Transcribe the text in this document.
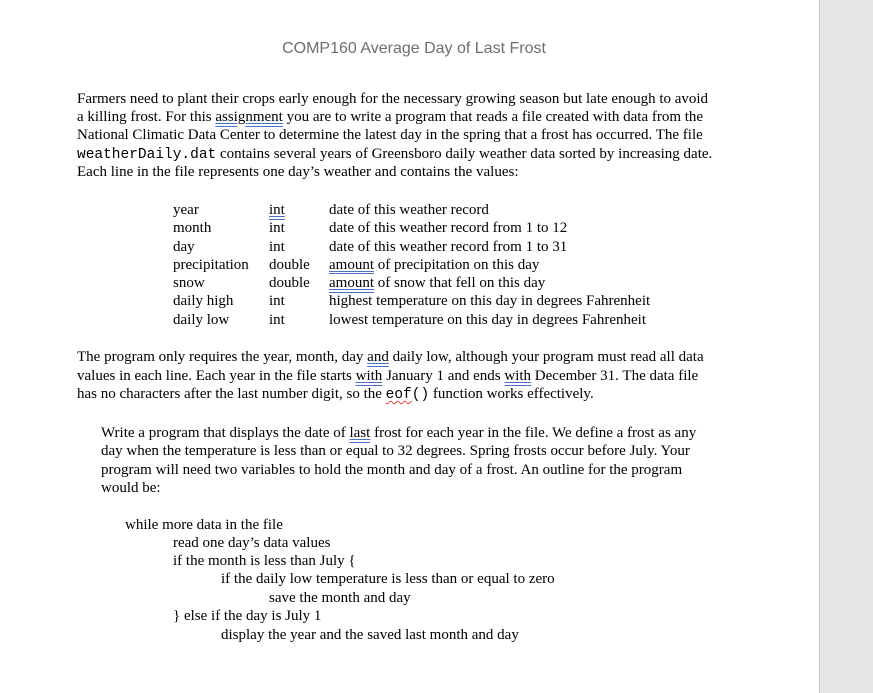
COMP160 Average Day of Last Frost
Farmers need to plant their crops early enough for the necessary growing season but late enough to avoid
a killing frost. For this assignment you are to write a program that reads a file created with data from the
National Climatic Data Center to determine the latest day in the spring that a frost has occurred. The file
weatherDaily.dat contains several years of Greensboro daily weather data sorted by increasing date.
Each line in the file represents one day’s weather and contains the values:
year
month
day
precipitation
snow
daily high
daily low
int
int
int
double
double
int
int
date of this weather record
date of this weather record from 1 to 12
date of this weather record from 1 to 31
amount of precipitation on this day
amount of snow that fell on this day
highest temperature on this day in degrees Fahrenheit
lowest temperature on this day in degrees Fahrenheit
The program only requires the year, month, day and daily low, although your program must read all data
values in each line. Each year in the file starts with January 1 and ends with December 31. The data file
has no characters after the last number digit, so the eof() function works effectively.
Write a program that displays the date of last frost for each year in the file. We define a frost as any
day when the temperature is less than or equal to 32 degrees. Spring frosts occur before July. Your
program will need two variables to hold the month and day of a frost. An outline for the program
would be:
while more data in the file
read one day’s data values
if the month is less than July {
if the daily low temperature is less than or equal to zero
save the month and day
} else if the day is July 1
display the year and the saved last month and day
